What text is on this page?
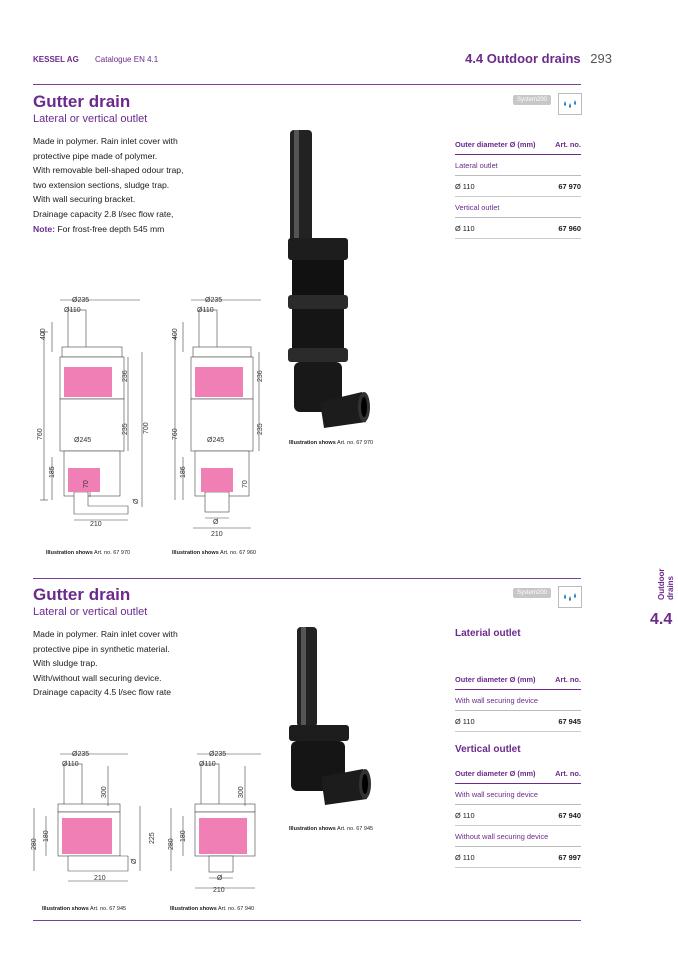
KESSEL AG Catalogue EN 4.1	4.4 Outdoor drains 293
Outdoor drains
4.4
Gutter drain
Lateral or vertical outlet
System200
Made in polymer. Rain inlet cover with
protective pipe made of polymer.
With removable bell-shaped odour trap,
two extension sections, sludge trap.
With wall securing bracket.
Drainage capacity 2.8 l/sec flow rate,
Note: For frost-free depth 545 mm
Illustration shows Art. no. 67 970
Outer diameter Ø (mm)	Art. no.
Lateral outlet	
Ø 110	67 970
Vertical outlet	
Ø 110	67 960
Ø235
Ø110
Ø245
210
400
760
236
235 700
185
70
Ø
Illustration shows Art. no. 67 970
Ø235
Ø110
Ø245
Ø
210
400
760
236
235
186
70
Illustration shows Art. no. 67 960
Gutter drain
Lateral or vertical outlet
System200
Made in polymer. Rain inlet cover with
protective pipe in synthetic material.
With sludge trap.
With/without wall securing device.
Drainage capacity 4.5 l/sec flow rate
Illustration shows Art. no. 67 945
Laterial outlet
Outer diameter Ø (mm)	Art. no.
With wall securing device	
Ø 110	67 945
Vertical outlet
Outer diameter Ø (mm)	Art. no.
With wall securing device	
Ø 110	67 940
Without wall securing device	
Ø 110	67 997
Ø235
Ø110
210
280
180
300
225
Ø
Illustration shows Art. no. 67 945
Ø235
Ø110
Ø
210
280
180
300
Illustration shows Art. no. 67 940
